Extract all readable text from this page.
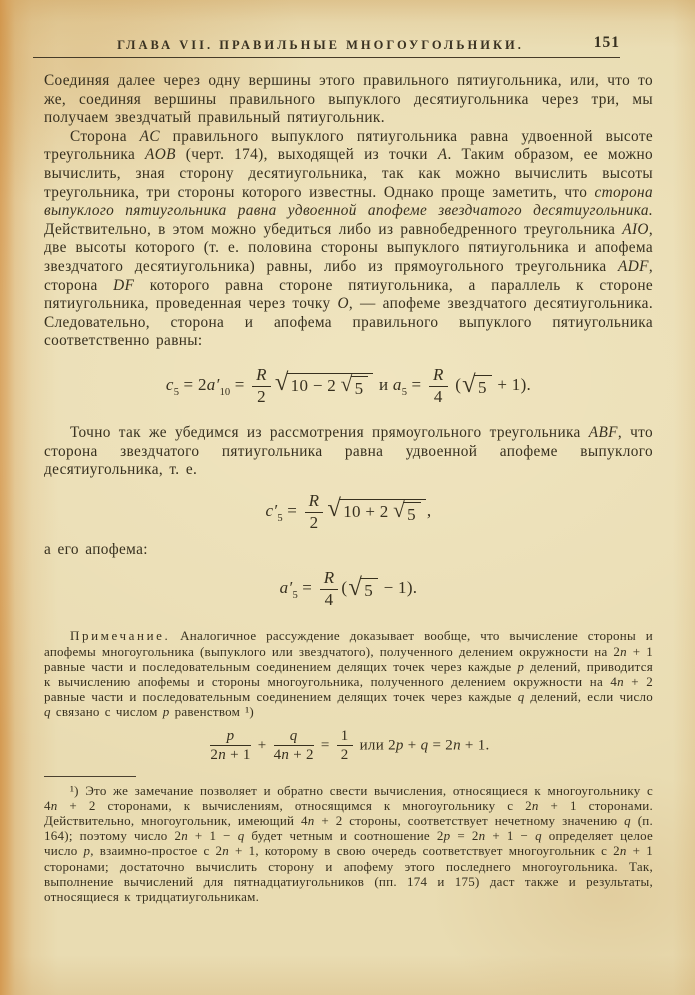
ГЛАВА VII. ПРАВИЛЬНЫЕ МНОГОУГОЛЬНИКИ.	151

Соединяя далее через одну вершины этого правильного пятиугольника, или, что то же, соединяя вершины правильного выпуклого десятиугольника через три, мы получаем звездчатый правильный пятиугольник.

Сторона AC правильного выпуклого пятиугольника равна удвоенной высоте треугольника AOB (черт. 174), выходящей из точки A. Таким образом, ее можно вычислить, зная сторону десятиугольника, так как можно вычислить высоты треугольника, три стороны которого известны. Однако проще заметить, что сторона выпуклого пятиугольника равна удвоенной апофеме звездчатого десятиугольника. Действительно, в этом можно убедиться либо из равнобедренного треугольника AIO, две высоты которого (т. е. половина стороны выпуклого пятиугольника и апофема звездчатого десятиугольника) равны, либо из прямоугольного треугольника ADF, сторона DF которого равна стороне пятиугольника, а параллель к стороне пятиугольника, проведенная через точку O, — апофеме звездчатого десятиугольника. Следовательно, сторона и апофема правильного выпуклого пятиугольника соответственно равны:

$c_5 = 2a'_{10} = \frac{R}{2}$ √ 10 − 2 √ 5 и $a_5 = \frac{R}{4}$ ( √ 5 + 1).

Точно так же убедимся из рассмотрения прямоугольного треугольника ABF, что сторона звездчатого пятиугольника равна удвоенной апофеме выпуклого десятиугольника, т. е.

$c'_5 = \frac{R}{2}$ √ 10 + 2 √ 5 ,

а его апофема:

$a'_5 = \frac{R}{4}$ ( √ 5 − 1).

Примечание. Аналогичное рассуждение доказывает вообще, что вычисление стороны и апофемы многоугольника (выпуклого или звездчатого), полученного делением окружности на 2n + 1 равные части и последовательным соединением делящих точек через каждые p делений, приводится к вычислению апофемы и стороны многоугольника, полученного делением окружности на 4n + 2 равные части и последовательным соединением делящих точек через каждые q делений, если число q связано с числом p равенством ¹)

$\frac{p}{2n + 1} + \frac{q}{4n + 2} = \frac{1}{2}$ или 2p + q = 2n + 1.

¹) Это же замечание позволяет и обратно свести вычисления, относящиеся к многоугольнику с 4n + 2 сторонами, к вычислениям, относящимся к многоугольнику с 2n + 1 сторонами. Действительно, многоугольник, имеющий 4n + 2 стороны, соответствует нечетному значению q (п. 164); поэтому число 2n + 1 − q будет четным и соотношение 2p = 2n + 1 − q определяет целое число p, взаимно-простое с 2n + 1, которому в свою очередь соответствует многоугольник с 2n + 1 сторонами; достаточно вычислить сторону и апофему этого последнего многоугольника. Так, выполнение вычислений для пятнадцатиугольников (пп. 174 и 175) даст также и результаты, относящиеся к тридцатиугольникам.
